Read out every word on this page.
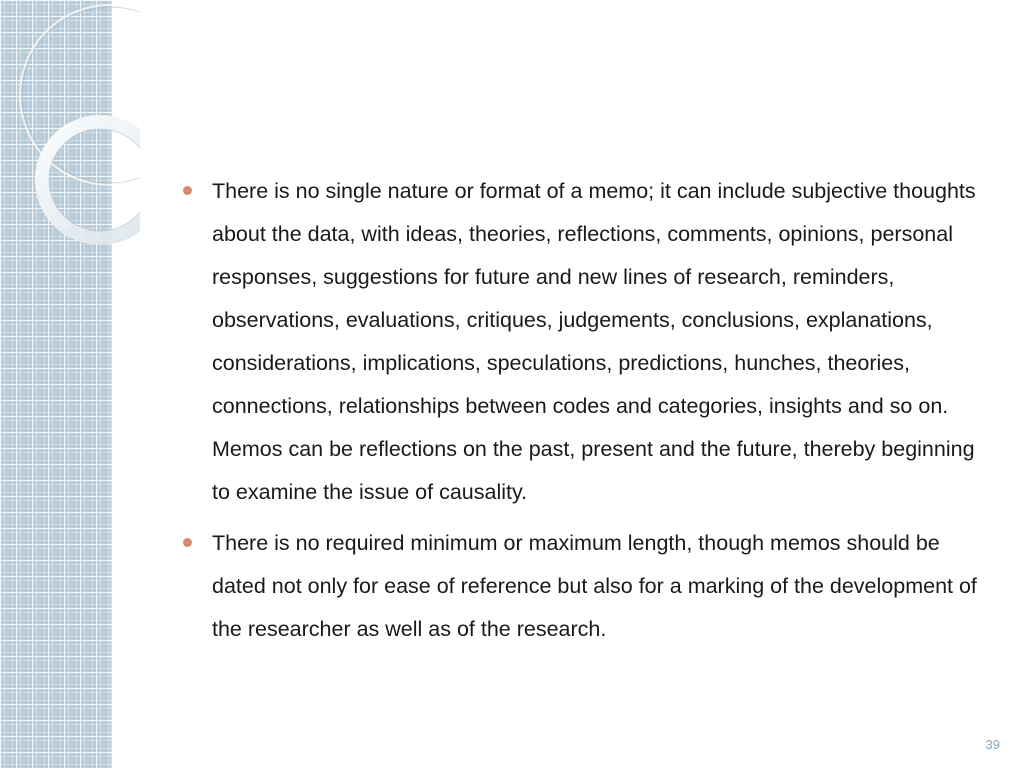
There is no single nature or format of a memo; it can include subjective thoughts about the data, with ideas, theories, reflections, comments, opinions, personal responses, suggestions for future and new lines of research, reminders, observations, evaluations, critiques, judgements, conclusions, explanations, considerations, implications, speculations, predictions, hunches, theories, connections, relationships between codes and categories, insights and so on. Memos can be reflections on the past, present and the future, thereby beginning to examine the issue of causality.
There is no required minimum or maximum length, though memos should be dated not only for ease of reference but also for a marking of the development of the researcher as well as of the research.
39
